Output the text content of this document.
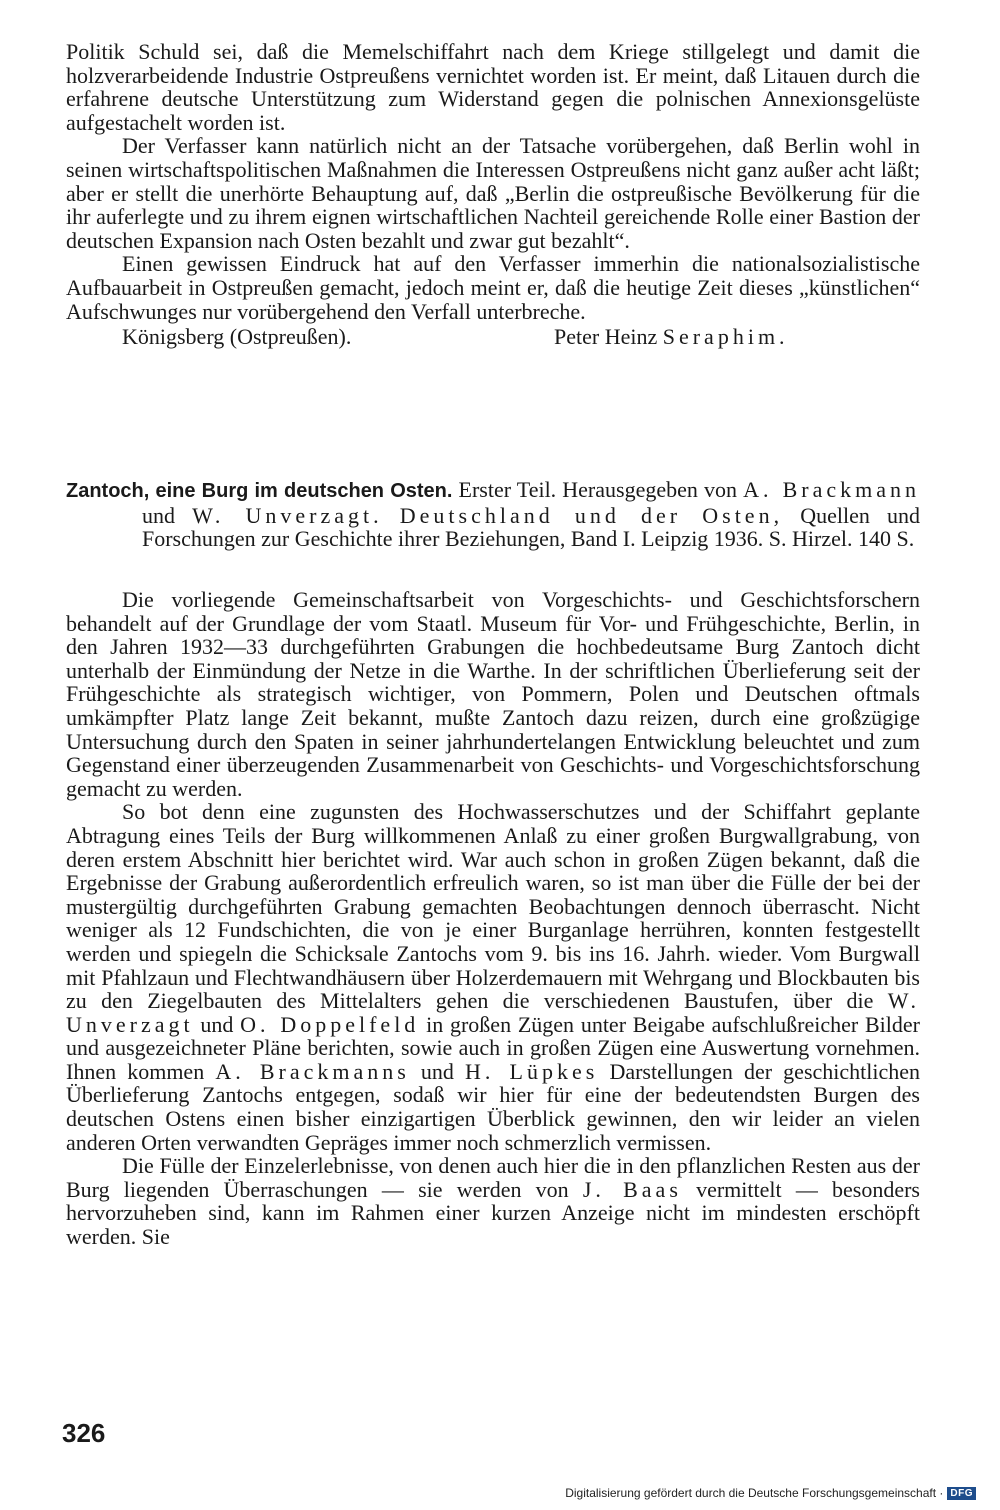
Politik Schuld sei, daß die Memelschiffahrt nach dem Kriege stillgelegt und damit die holzverarbeidende Industrie Ostpreußens vernichtet worden ist. Er meint, daß Litauen durch die erfahrene deutsche Unterstützung zum Widerstand gegen die polnischen Annexionsgelüste aufgestachelt worden ist.

Der Verfasser kann natürlich nicht an der Tatsache vorübergehen, daß Berlin wohl in seinen wirtschaftspolitischen Maßnahmen die Interessen Ostpreußens nicht ganz außer acht läßt; aber er stellt die unerhörte Behauptung auf, daß „Berlin die ostpreußische Bevölkerung für die ihr auferlegte und zu ihrem eignen wirtschaftlichen Nachteil gereichende Rolle einer Bastion der deutschen Expansion nach Osten bezahlt und zwar gut bezahlt“.

Einen gewissen Eindruck hat auf den Verfasser immerhin die nationalsozialistische Aufbauarbeit in Ostpreußen gemacht, jedoch meint er, daß die heutige Zeit dieses „künstlichen“ Aufschwunges nur vorübergehend den Verfall unterbreche.

Königsberg (Ostpreußen).	Peter Heinz Seraphim.
Zantoch, eine Burg im deutschen Osten. Erster Teil. Herausgegeben von A. Brackmann und W. Unverzagt. Deutschland und der Osten, Quellen und Forschungen zur Geschichte ihrer Beziehungen, Band I. Leipzig 1936. S. Hirzel. 140 S.

Die vorliegende Gemeinschaftsarbeit von Vorgeschichts- und Geschichtsforschern behandelt auf der Grundlage der vom Staatl. Museum für Vor- und Frühgeschichte, Berlin, in den Jahren 1932—33 durchgeführten Grabungen die hochbedeutsame Burg Zantoch dicht unterhalb der Einmündung der Netze in die Warthe. In der schriftlichen Überlieferung seit der Frühgeschichte als strategisch wichtiger, von Pommern, Polen und Deutschen oftmals umkämpfter Platz lange Zeit bekannt, mußte Zantoch dazu reizen, durch eine großzügige Untersuchung durch den Spaten in seiner jahrhundertelangen Entwicklung beleuchtet und zum Gegenstand einer überzeugenden Zusammenarbeit von Geschichts- und Vorgeschichtsforschung gemacht zu werden.

So bot denn eine zugunsten des Hochwasserschutzes und der Schiffahrt geplante Abtragung eines Teils der Burg willkommenen Anlaß zu einer großen Burgwallgrabung, von deren erstem Abschnitt hier berichtet wird. War auch schon in großen Zügen bekannt, daß die Ergebnisse der Grabung außerordentlich erfreulich waren, so ist man über die Fülle der bei der mustergültig durchgeführten Grabung gemachten Beobachtungen dennoch überrascht. Nicht weniger als 12 Fundschichten, die von je einer Burganlage herrühren, konnten festgestellt werden und spiegeln die Schicksale Zantochs vom 9. bis ins 16. Jahrh. wieder. Vom Burgwall mit Pfahlzaun und Flechtwandhäusern über Holzerdemauern mit Wehrgang und Blockbauten bis zu den Ziegelbauten des Mittelalters gehen die verschiedenen Baustufen, über die W. Unverzagt und O. Doppelfeld in großen Zügen unter Beigabe aufschlußreicher Bilder und ausgezeichneter Pläne berichten, sowie auch in großen Zügen eine Auswertung vornehmen. Ihnen kommen A. Brackmanns und H. Lüpkes Darstellungen der geschichtlichen Überlieferung Zantochs entgegen, sodaß wir hier für eine der bedeutendsten Burgen des deutschen Ostens einen bisher einzigartigen Überblick gewinnen, den wir leider an vielen anderen Orten verwandten Gepräges immer noch schmerzlich vermissen.

Die Fülle der Einzelerlebnisse, von denen auch hier die in den pflanzlichen Resten aus der Burg liegenden Überraschungen — sie werden von J. Baas vermittelt — besonders hervorzuheben sind, kann im Rahmen einer kurzen Anzeige nicht im mindesten erschöpft werden. Sie

326
Digitalisierung gefördert durch die Deutsche Forschungsgemeinschaft · DFG
